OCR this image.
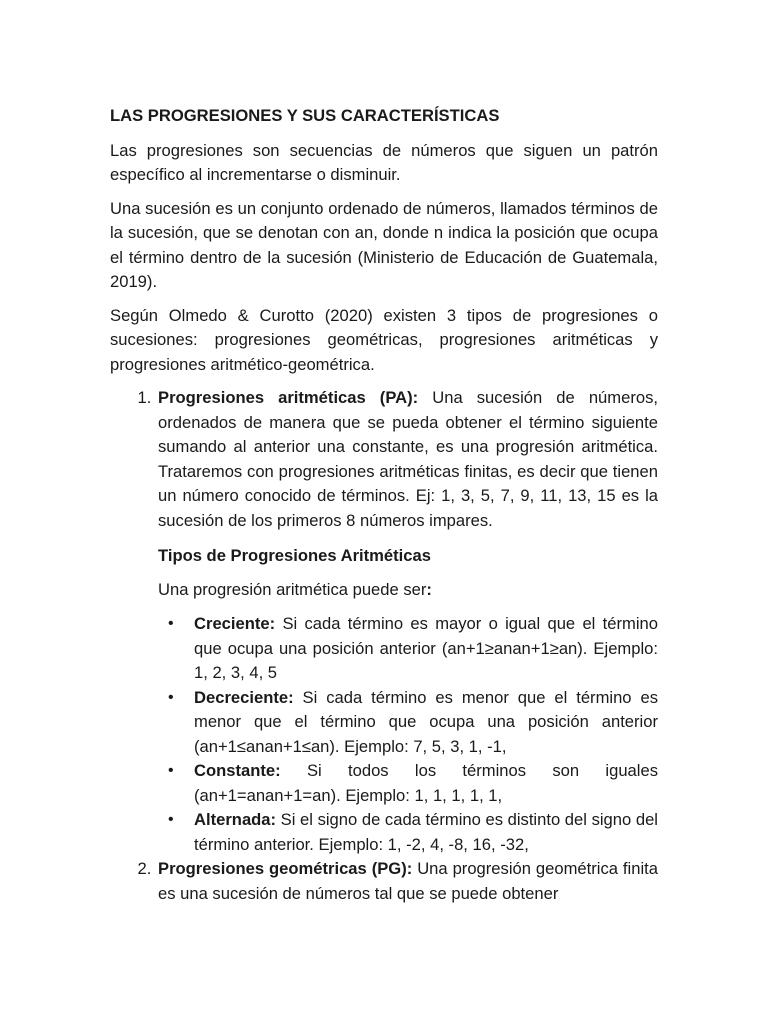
LAS PROGRESIONES Y SUS CARACTERÍSTICAS

Las progresiones son secuencias de números que siguen un patrón específico al incrementarse o disminuir.

Una sucesión es un conjunto ordenado de números, llamados términos de la sucesión, que se denotan con an, donde n indica la posición que ocupa el término dentro de la sucesión (Ministerio de Educación de Guatemala, 2019).

Según Olmedo & Curotto (2020) existen 3 tipos de progresiones o sucesiones: progresiones geométricas, progresiones aritméticas y progresiones aritmético-geométrica.

1. Progresiones aritméticas (PA): Una sucesión de números, ordenados de manera que se pueda obtener el término siguiente sumando al anterior una constante, es una progresión aritmética. Trataremos con progresiones aritméticas finitas, es decir que tienen un número conocido de términos. Ej: 1, 3, 5, 7, 9, 11, 13, 15 es la sucesión de los primeros 8 números impares.
Tipos de Progresiones Aritméticas
Una progresión aritmética puede ser:
• Creciente: Si cada término es mayor o igual que el término que ocupa una posición anterior (an+1≥anan+1≥an). Ejemplo: 1, 2, 3, 4, 5
• Decreciente: Si cada término es menor que el término es menor que el término que ocupa una posición anterior (an+1≤anan+1≤an). Ejemplo: 7, 5, 3, 1, -1,
• Constante: Si todos los términos son iguales (an+1=anan+1=an). Ejemplo: 1, 1, 1, 1, 1,
• Alternada: Si el signo de cada término es distinto del signo del término anterior. Ejemplo: 1, -2, 4, -8, 16, -32,
2. Progresiones geométricas (PG): Una progresión geométrica finita es una sucesión de números tal que se puede obtener
